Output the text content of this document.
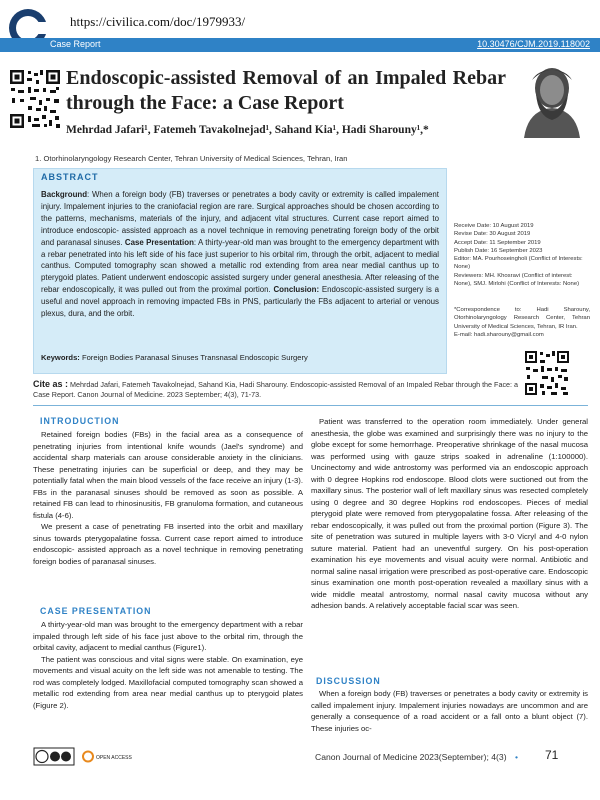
https://civilica.com/doc/1979933/
Case Report	10.30476/CJM.2019.118002
Endoscopic-assisted Removal of an Impaled Rebar through the Face: a Case Report
Mehrdad Jafari¹, Fatemeh Tavakolnejad¹, Sahand Kia¹, Hadi Sharouny¹,*
1. Otorhinolaryngology Research Center, Tehran University of Medical Sciences, Tehran, Iran
ABSTRACT
Background: When a foreign body (FB) traverses or penetrates a body cavity or extremity is called impalement injury. Impalement injuries to the craniofacial region are rare. Surgical approaches should be chosen according to the patterns, mechanisms, materials of the injury, and adjacent vital structures. Current case report aimed to introduce endoscopic- assisted approach as a novel technique in removing penetrating foreign body of the orbit and paranasal sinuses. Case Presentation: A thirty-year-old man was brought to the emergency department with a rebar penetrated into his left side of his face just superior to his orbital rim, through the orbit, adjacent to medial canthus. Computed tomography scan showed a metallic rod extending from area near medial canthus up to pterygoid plates. Patient underwent endoscopic assisted surgery under general anesthesia. After releasing of the rebar endoscopically, it was pulled out from the proximal portion. Conclusion: Endoscopic-assisted surgery is a useful and novel approach in removing impacted FBs in PNS, particularly the FBs adjacent to arterial or venous plexus, dura, and the orbit.
Keywords: Foreign Bodies Paranasal Sinuses Transnasal Endoscopic Surgery
Receive Date: 10 August 2019
Revise Date: 30 August 2019
Accept Date: 11 September 2019
Publish Date: 16 September 2023
Editor: MA. Pourhoseingholi (Conflict of Interests: None)
Reviewers: MH. Khosravi (Conflict of interest: None), SMJ. Mirlohi (Conflict of Interests: None)
*Correspondence to: Hadi Sharouny, Otorhinolaryngology Research Center, Tehran University of Medical Sciences, Tehran, IR Iran.
E-mail: hadi.sharouny@gmail.com
Cite as : Mehrdad Jafari, Fatemeh Tavakolnejad, Sahand Kia, Hadi Sharouny. Endoscopic-assisted Removal of an Impaled Rebar through the Face: a Case Report. Canon Journal of Medicine. 2023 September; 4(3), 71-73.
INTRODUCTION

Retained foreign bodies (FBs) in the facial area as a consequence of penetrating injuries from intentional knife wounds (Jael's syndrome) and accidental sharp materials can arouse considerable anxiety in the clinicians. These penetrating injuries can be superficial or deep, and they may be potentially fatal when the main blood vessels of the face receive an injury (1-3). FBs in the paranasal sinuses should be removed as soon as possible. A retained FB can lead to rhinosinusitis, FB granuloma formation, and cutaneous fistula (4-6).

We present a case of penetrating FB inserted into the orbit and maxillary sinus towards pterygopalatine fossa. Current case report aimed to introduce endoscopic- assisted approach as a novel technique in removing penetrating foreign bodies of paranasal sinuses.

CASE PRESENTATION

A thirty-year-old man was brought to the emergency department with a rebar impaled through left side of his face just above to the orbital rim, through the orbital cavity, adjacent to medial canthus (Figure1).

The patient was conscious and vital signs were stable. On examination, eye movements and visual acuity on the left side was not amenable to testing. The rod was completely lodged. Maxillofacial computed tomography scan showed a metallic rod extending from area near medial canthus up to pterygoid plates (Figure 2).

Patient was transferred to the operation room immediately. Under general anesthesia, the globe was examined and surprisingly there was no injury to the globe except for some hemorrhage. Preoperative shrinkage of the nasal mucosa was performed using with gauze strips soaked in adrenaline (1:100000). Uncinectomy and wide antrostomy was performed via an endoscopic approach with 0 degree Hopkins rod endoscope. Blood clots were suctioned out from the maxillary sinus. The posterior wall of left maxillary sinus was resected completely using 0 degree and 30 degree Hopkins rod endoscopes. Pieces of medial pterygoid plate were removed from pterygopalatine fossa. After releasing of the rebar endoscopically, it was pulled out from the proximal portion (Figure 3). The site of penetration was sutured in multiple layers with 3-0 Vicryl and 4-0 nylon suture material. Patient had an uneventful surgery. On his post-operation examination his eye movements and visual acuity were normal. Antibiotic and normal saline nasal irrigation were prescribed as post-operative care. Endoscopic sinus examination one month post-operation revealed a maxillary sinus with a wide middle meatal antrostomy, normal nasal cavity mucosa without any adhesion bands. A relatively acceptable facial scar was seen.

DISCUSSION

When a foreign body (FB) traverses or penetrates a body cavity or extremity is called impalement injury. Impalement injuries nowadays are uncommon and are generally a consequence of a road accident or a fall onto a blunt object (7). These injuries oc-

OPEN ACCESS	Canon Journal of Medicine 2023(September); 4(3) • 71
